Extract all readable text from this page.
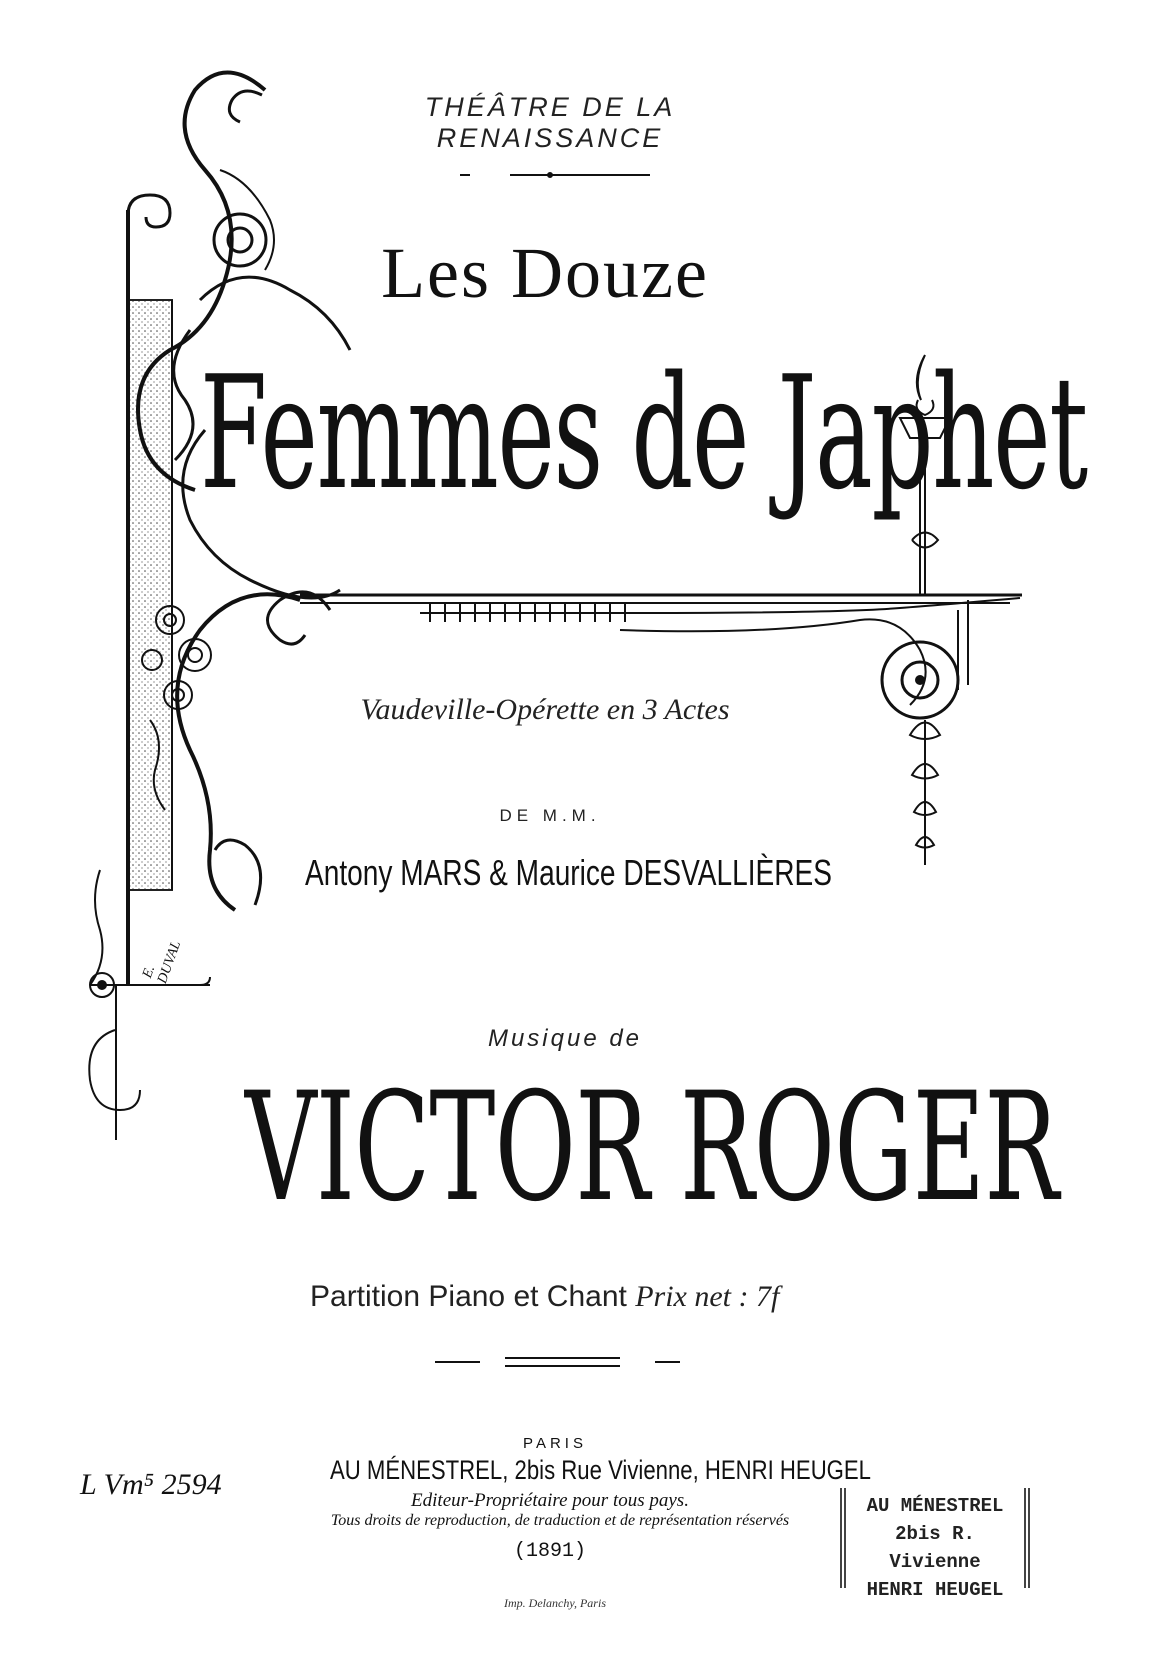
THÉÂTRE DE LA RENAISSANCE
Les Douze
Femmes de Japhet
Vaudeville-Opérette en 3 Actes
DE M.M.
Antony MARS & Maurice DESVALLIÈRES
Musique de
VICTOR ROGER
Partition Piano et Chant Prix net : 7f
PARIS
AU MÉNESTREL, 2bis Rue Vivienne, HENRI HEUGEL
Editeur-Propriétaire pour tous pays.
Tous droits de reproduction, de traduction et de représentation réservés
(1891)
Imp. Delanchy, Paris
L Vm⁵ 2594
AU MÉNESTREL
2bis R. Vivienne
HENRI HEUGEL
E. DUVAL
